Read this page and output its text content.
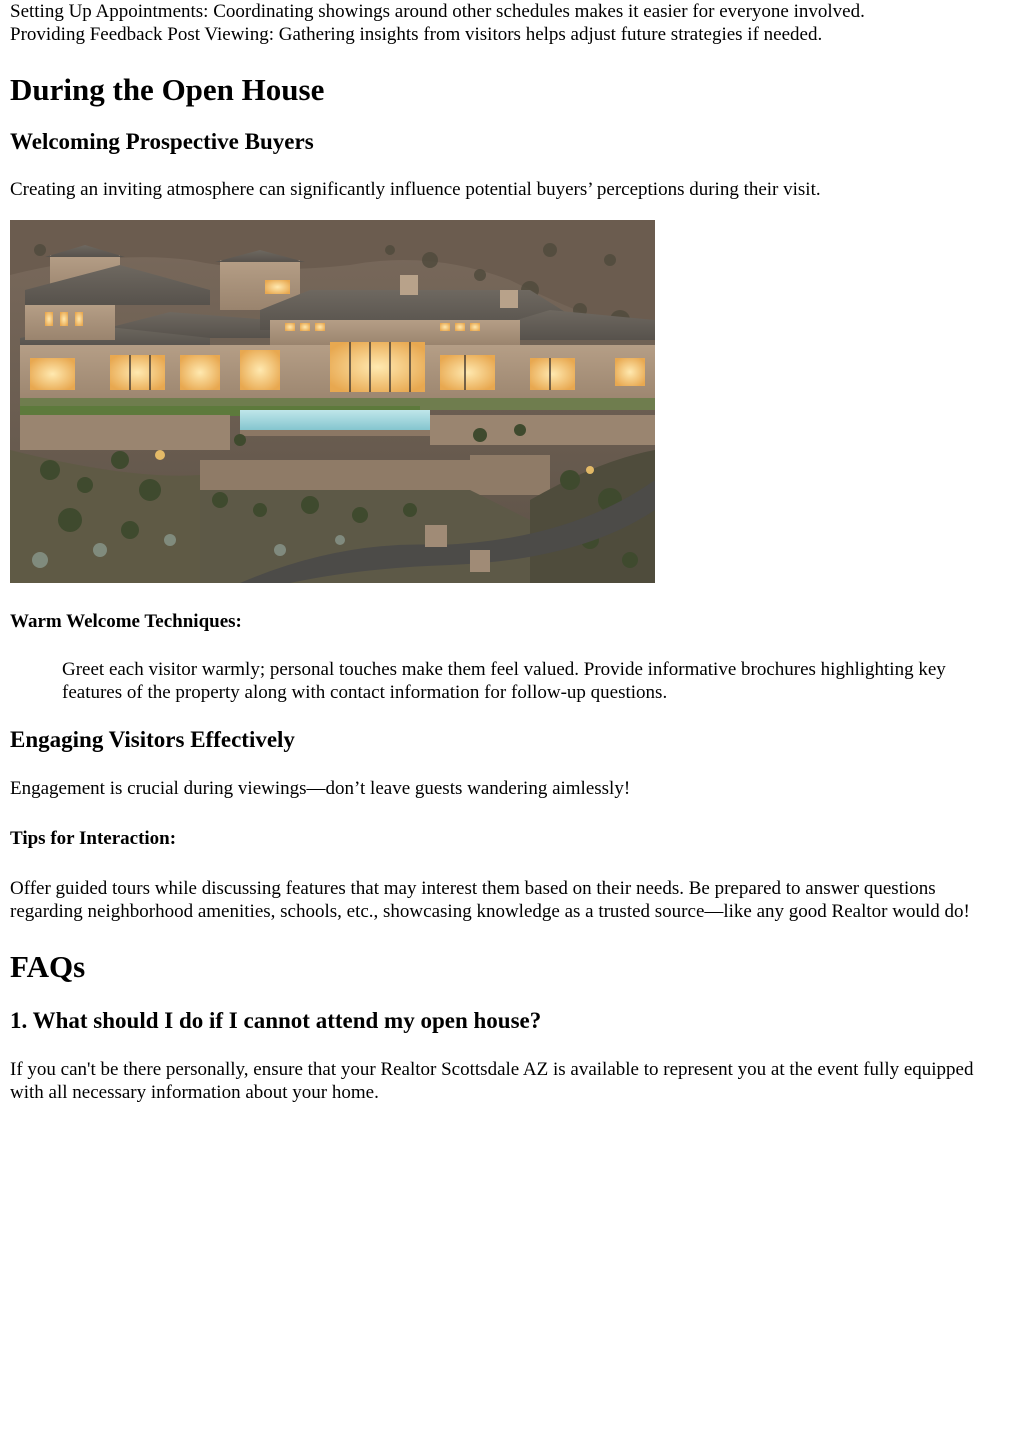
Setting Up Appointments: Coordinating showings around other schedules makes it easier for everyone involved.

Providing Feedback Post Viewing: Gathering insights from visitors helps adjust future strategies if needed.

During the Open House
Welcoming Prospective Buyers

Creating an inviting atmosphere can significantly influence potential buyers’ perceptions during their visit.

Warm Welcome Techniques:
Greet each visitor warmly; personal touches make them feel valued. Provide informative brochures highlighting key features of the property along with contact information for follow-up questions.
Engaging Visitors Effectively

Engagement is crucial during viewings—don’t leave guests wandering aimlessly!

Tips for Interaction:

Offer guided tours while discussing features that may interest them based on their needs. Be prepared to answer questions regarding neighborhood amenities, schools, etc., showcasing knowledge as a trusted source—like any good Realtor would do!

FAQs
1. What should I do if I cannot attend my open house?

If you can't be there personally, ensure that your Realtor Scottsdale AZ is available to represent you at the event fully equipped with all necessary information about your home.
